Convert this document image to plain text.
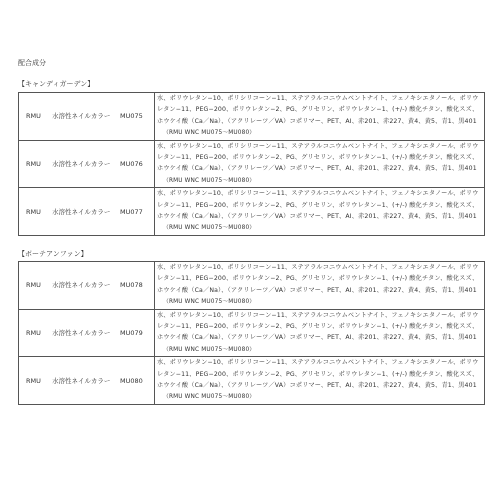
配合成分
【キャンディガーデン】
RMU 水溶性ネイルカラー MU075	水、ポリウレタン−10、ポリシリコーン−11、ステアラルコニウムベントナイト、フェノキシエタノール、ポリウレタン−11、PEG−200、ポリウレタン−2、PG、グリセリン、ポリウレタン−1、(+/-) 酸化チタン、酸化スズ、ホウケイ酸（Ca／Na）、（アクリレーツ／VA）コポリマー、PET、AI、赤201、赤227、黄4、黄5、青1、黒401（RMU WNC MU075〜MU080）
RMU 水溶性ネイルカラー MU076	水、ポリウレタン−10、ポリシリコーン−11、ステアラルコニウムベントナイト、フェノキシエタノール、ポリウレタン−11、PEG−200、ポリウレタン−2、PG、グリセリン、ポリウレタン−1、(+/-) 酸化チタン、酸化スズ、ホウケイ酸（Ca／Na）、（アクリレーツ／VA）コポリマー、PET、AI、赤201、赤227、黄4、黄5、青1、黒401（RMU WNC MU075〜MU080）
RMU 水溶性ネイルカラー MU077	水、ポリウレタン−10、ポリシリコーン−11、ステアラルコニウムベントナイト、フェノキシエタノール、ポリウレタン−11、PEG−200、ポリウレタン−2、PG、グリセリン、ポリウレタン−1、(+/-) 酸化チタン、酸化スズ、ホウケイ酸（Ca／Na）、（アクリレーツ／VA）コポリマー、PET、AI、赤201、赤227、黄4、黄5、青1、黒401（RMU WNC MU075〜MU080）
【ボーテアンファン】
RMU 水溶性ネイルカラー MU078	水、ポリウレタン−10、ポリシリコーン−11、ステアラルコニウムベントナイト、フェノキシエタノール、ポリウレタン−11、PEG−200、ポリウレタン−2、PG、グリセリン、ポリウレタン−1、(+/-) 酸化チタン、酸化スズ、ホウケイ酸（Ca／Na）、（アクリレーツ／VA）コポリマー、PET、AI、赤201、赤227、黄4、黄5、青1、黒401（RMU WNC MU075〜MU080）
RMU 水溶性ネイルカラー MU079	水、ポリウレタン−10、ポリシリコーン−11、ステアラルコニウムベントナイト、フェノキシエタノール、ポリウレタン−11、PEG−200、ポリウレタン−2、PG、グリセリン、ポリウレタン−1、(+/-) 酸化チタン、酸化スズ、ホウケイ酸（Ca／Na）、（アクリレーツ／VA）コポリマー、PET、AI、赤201、赤227、黄4、黄5、青1、黒401（RMU WNC MU075〜MU080）
RMU 水溶性ネイルカラー MU080	水、ポリウレタン−10、ポリシリコーン−11、ステアラルコニウムベントナイト、フェノキシエタノール、ポリウレタン−11、PEG−200、ポリウレタン−2、PG、グリセリン、ポリウレタン−1、(+/-) 酸化チタン、酸化スズ、ホウケイ酸（Ca／Na）、（アクリレーツ／VA）コポリマー、PET、AI、赤201、赤227、黄4、黄5、青1、黒401（RMU WNC MU075〜MU080）
